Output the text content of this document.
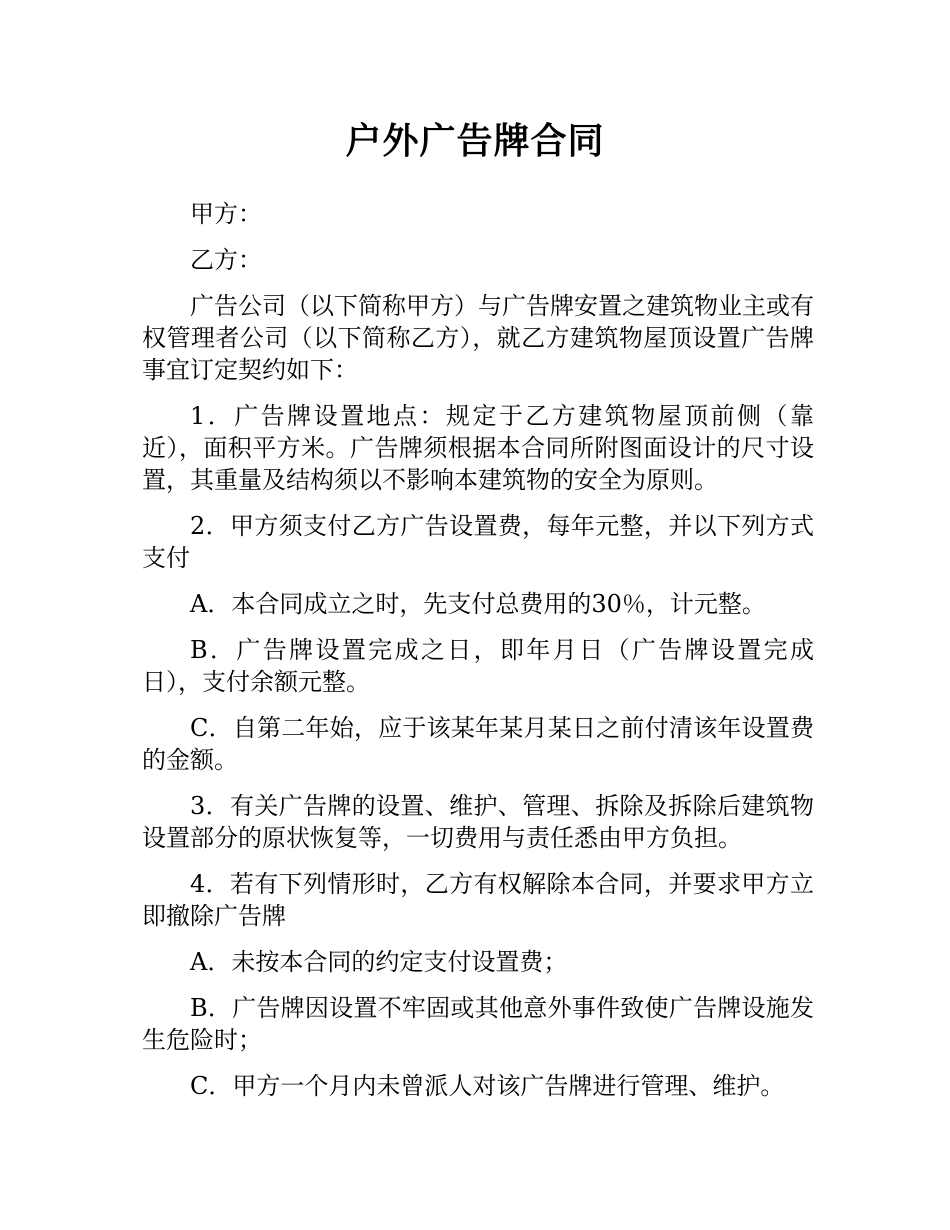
户外广告牌合同

甲方：

乙方：

广告公司（以下简称甲方）与广告牌安置之建筑物业主或有权管理者公司（以下简称乙方），就乙方建筑物屋顶设置广告牌事宜订定契约如下：

1．广告牌设置地点：规定于乙方建筑物屋顶前侧（靠近），面积平方米。广告牌须根据本合同所附图面设计的尺寸设置，其重量及结构须以不影响本建筑物的安全为原则。

2．甲方须支付乙方广告设置费，每年元整，并以下列方式支付

A．本合同成立之时，先支付总费用的30％，计元整。

B．广告牌设置完成之日，即年月日（广告牌设置完成日），支付余额元整。

C．自第二年始，应于该某年某月某日之前付清该年设置费的金额。

3．有关广告牌的设置、维护、管理、拆除及拆除后建筑物设置部分的原状恢复等，一切费用与责任悉由甲方负担。

4．若有下列情形时，乙方有权解除本合同，并要求甲方立即撤除广告牌

A．未按本合同的约定支付设置费；

B．广告牌因设置不牢固或其他意外事件致使广告牌设施发生危险时；

C．甲方一个月内未曾派人对该广告牌进行管理、维护。
